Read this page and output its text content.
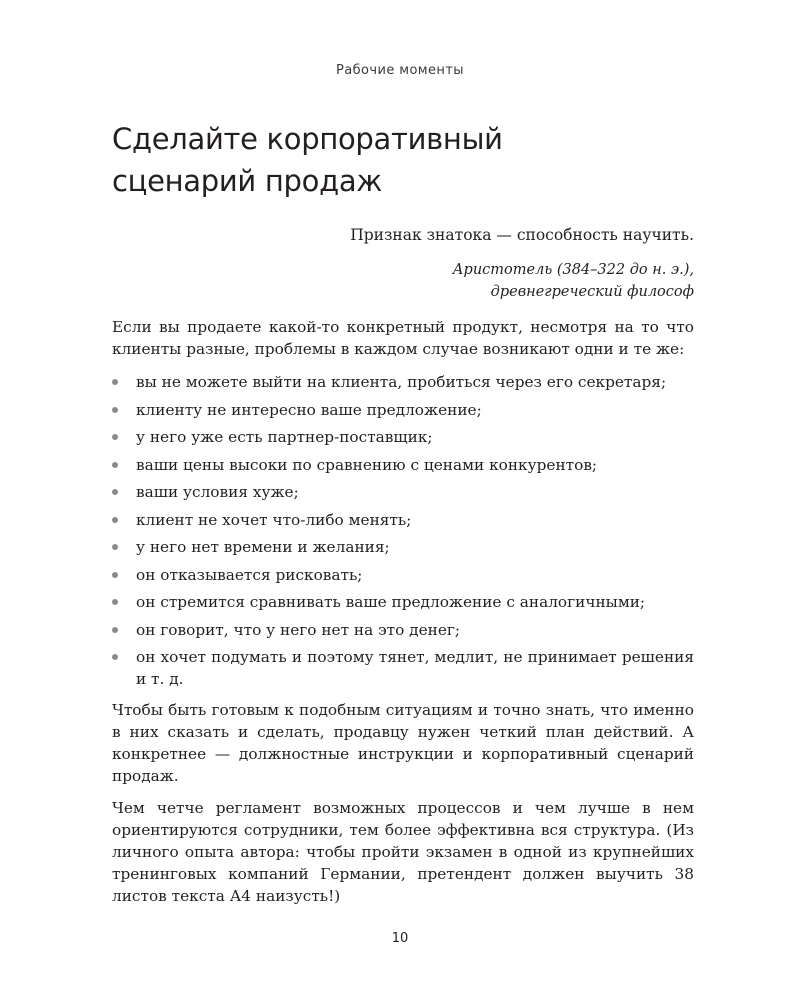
Рабочие моменты
Сделайте корпоративный
сценарий продаж
Признак знатока — способность научить.
Аристотель (384–322 до н. э.),
древнегреческий философ

Если вы продаете какой-то конкретный продукт, несмотря на то что клиенты разные, проблемы в каждом случае возникают одни и те же:

вы не можете выйти на клиента, пробиться через его секретаря;
клиенту не интересно ваше предложение;
у него уже есть партнер-поставщик;
ваши цены высоки по сравнению с ценами конкурентов;
ваши условия хуже;
клиент не хочет что-либо менять;
у него нет времени и желания;
он отказывается рисковать;
он стремится сравнивать ваше предложение с аналогичными;
он говорит, что у него нет на это денег;
он хочет подумать и поэтому тянет, медлит, не принимает решения и т. д.

Чтобы быть готовым к подобным ситуациям и точно знать, что именно в них сказать и сделать, продавцу нужен четкий план действий. А конкретнее — должностные инструкции и корпоративный сценарий продаж.

Чем четче регламент возможных процессов и чем лучше в нем ориентируются сотрудники, тем более эффективна вся структура. (Из личного опыта автора: чтобы пройти экзамен в одной из крупнейших тренинговых компаний Германии, претендент должен выучить 38 листов текста А4 наизусть!)

10
